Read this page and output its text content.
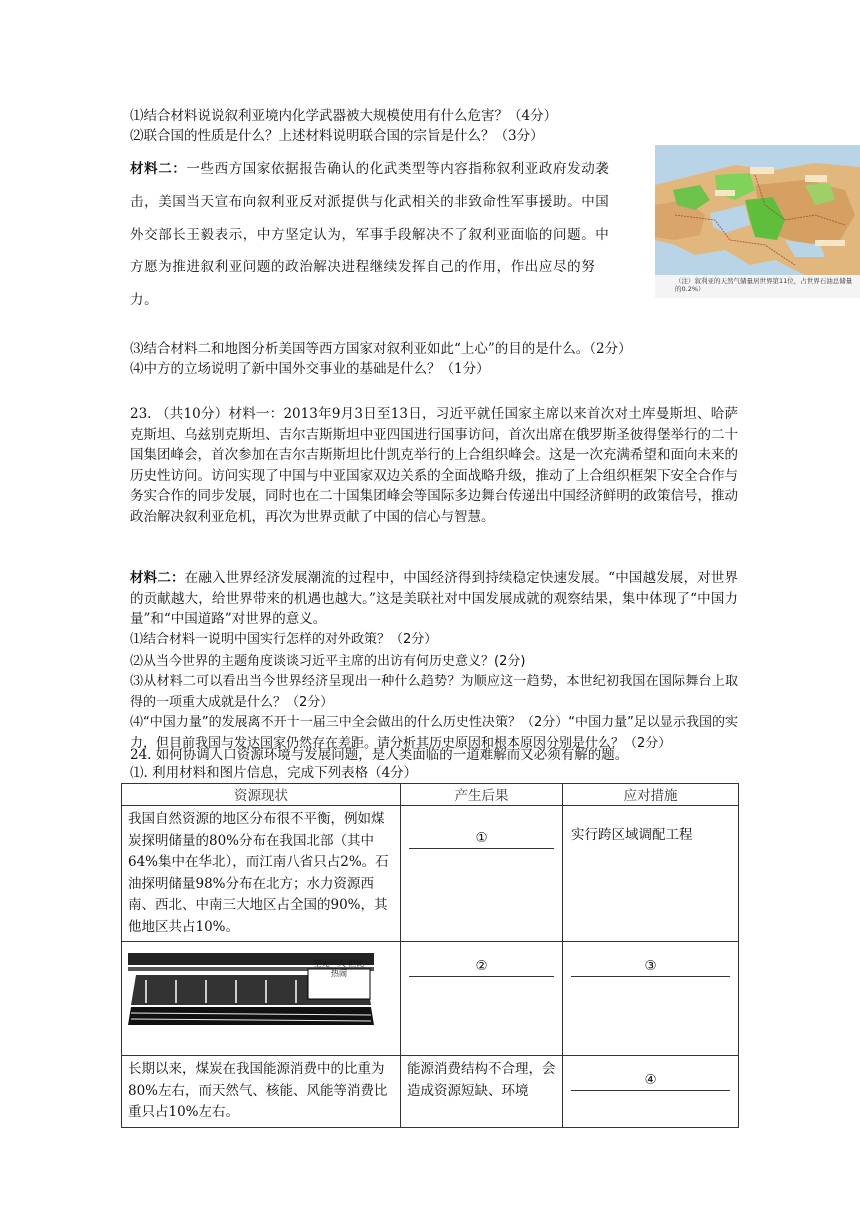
⑴结合材料说说叙利亚境内化学武器被大规模使用有什么危害？（4分）
⑵联合国的性质是什么？上述材料说明联合国的宗旨是什么？（3分）
材料二：一些西方国家依据报告确认的化武类型等内容指称叙利亚政府发动袭
击，美国当天宣布向叙利亚反对派提供与化武相关的非致命性军事援助。中国
外交部长王毅表示，中方坚定认为，军事手段解决不了叙利亚面临的问题。中
方愿为推进叙利亚问题的政治解决进程继续发挥自己的作用，作出应尽的努
力。
（注）叙利亚的天然气储量居世界第11位，占世界石油总储量的0.2%）
⑶结合材料二和地图分析美国等西方国家对叙利亚如此“上心”的目的是什么。（2分）
⑷中方的立场说明了新中国外交事业的基础是什么？（1分）
23. （共10分）材料一：2013年9月3日至13日，习近平就任国家主席以来首次对土库曼斯坦、哈萨克斯坦、乌兹别克斯坦、吉尔吉斯斯坦中亚四国进行国事访问，首次出席在俄罗斯圣彼得堡举行的二十国集团峰会，首次参加在吉尔吉斯斯坦比什凯克举行的上合组织峰会。这是一次充满希望和面向未来的历史性访问。访问实现了中国与中亚国家双边关系的全面战略升级，推动了上合组织框架下安全合作与务实合作的同步发展，同时也在二十国集团峰会等国际多边舞台传递出中国经济鲜明的政策信号，推动政治解决叙利亚危机，再次为世界贡献了中国的信心与智慧。
材料二：在融入世界经济发展潮流的过程中，中国经济得到持续稳定快速发展。“中国越发展，对世界的贡献越大，给世界带来的机遇也越大。”这是美联社对中国发展成就的观察结果，集中体现了“中国力量”和“中国道路”对世界的意义。
⑴结合材料一说明中国实行怎样的对外政策？（2分）
⑵从当今世界的主题角度谈谈习近平主席的出访有何历史意义？(2分)
⑶从材料二可以看出当今世界经济呈现出一种什么趋势？为顺应这一趋势，本世纪初我国在国际舞台上取得的一项重大成就是什么？（2分）
⑷“中国力量”的发展离不开十一届三中全会做出的什么历史性决策？（2分）“中国力量”足以显示我国的实力，但目前我国与发达国家仍然存在差距。请分析其历史原因和根本原因分别是什么？（2分）
24. 如何协调人口资源环境与发展问题，是人类面临的一道难解而又必须有解的题。
⑴. 利用材料和图片信息，完成下列表格（4分）
资源现状	产生后果	应对措施

我国自然资源的地区分布很不平衡，例如煤炭探明储量的80%分布在我国北部（其中64%集中在华北），而江南八省只占2%。石油探明储量98%分布在北方；水力资源西南、西北、中南三大地区占全国的90%，其他地区共占10%。	①	实行跨区域调配工程

空无一人 但比热闹	②	③

长期以来，煤炭在我国能源消费中的比重为80%左右，而天然气、核能、风能等消费比重只占10%左右。	能源消费结构不合理，会造成资源短缺、环境	④
